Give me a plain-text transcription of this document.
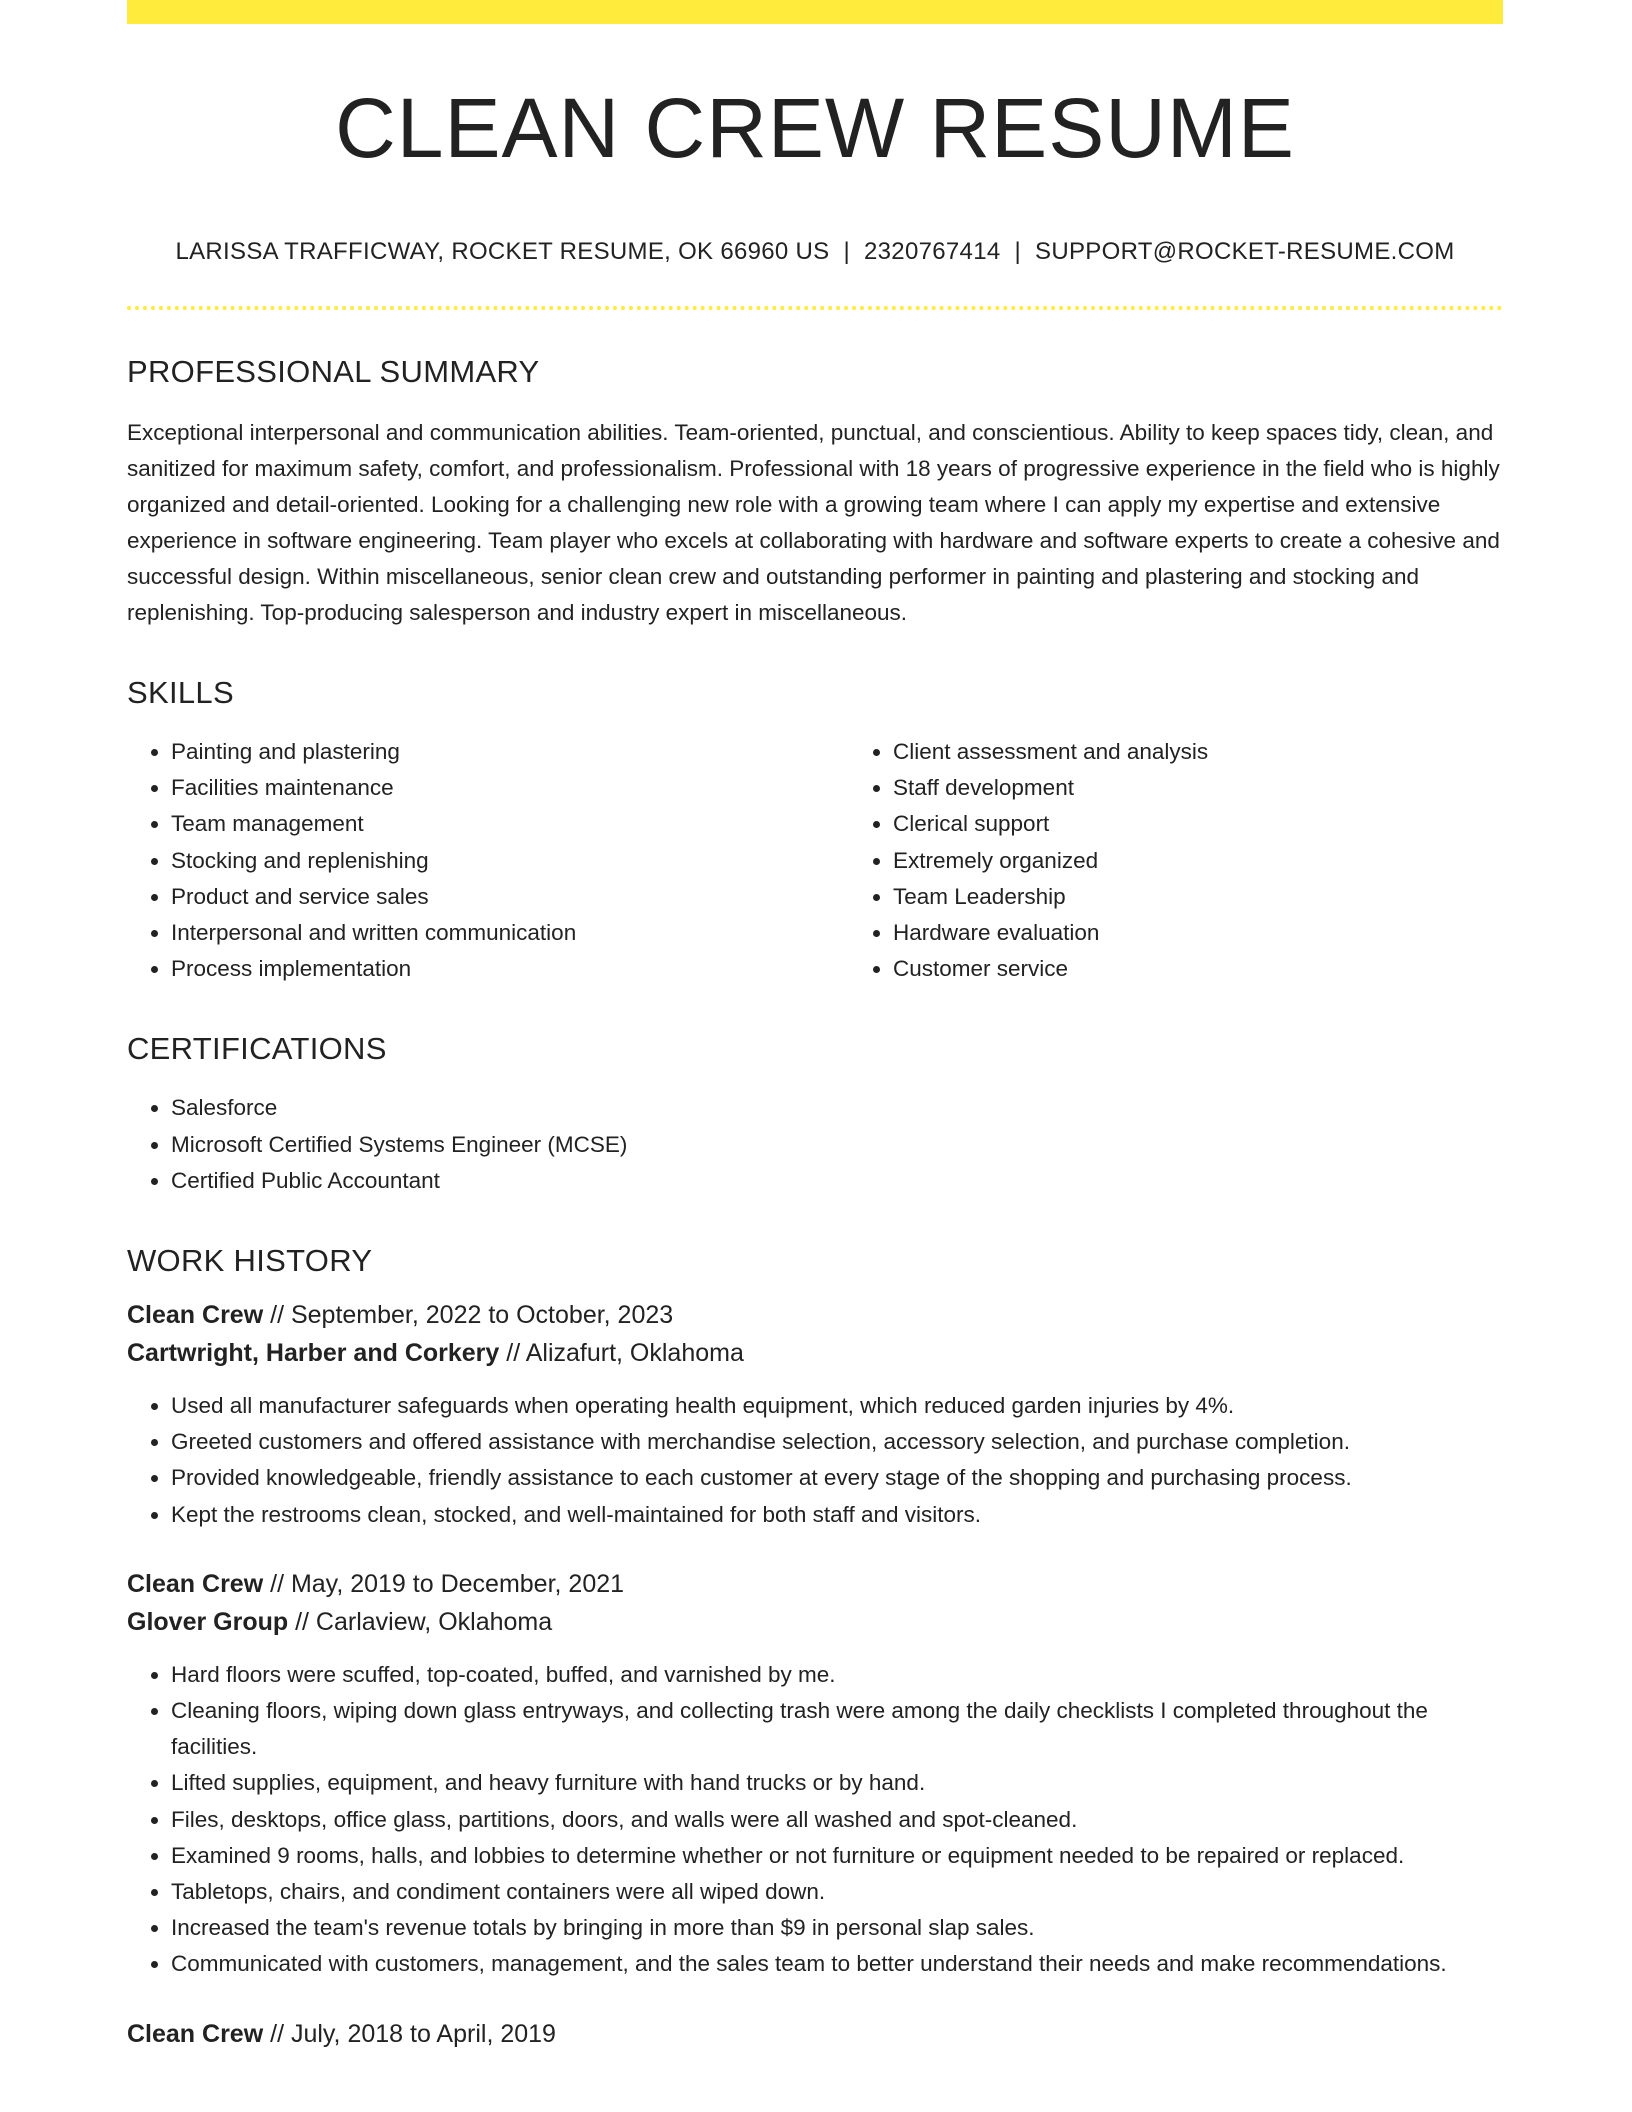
CLEAN CREW RESUME
LARISSA TRAFFICWAY, ROCKET RESUME, OK 66960 US | 2320767414 | SUPPORT@ROCKET-RESUME.COM
PROFESSIONAL SUMMARY
Exceptional interpersonal and communication abilities. Team-oriented, punctual, and conscientious. Ability to keep spaces tidy, clean, and sanitized for maximum safety, comfort, and professionalism. Professional with 18 years of progressive experience in the field who is highly organized and detail-oriented. Looking for a challenging new role with a growing team where I can apply my expertise and extensive experience in software engineering. Team player who excels at collaborating with hardware and software experts to create a cohesive and successful design. Within miscellaneous, senior clean crew and outstanding performer in painting and plastering and stocking and replenishing. Top-producing salesperson and industry expert in miscellaneous.
SKILLS
• Painting and plastering
• Facilities maintenance
• Team management
• Stocking and replenishing
• Product and service sales
• Interpersonal and written communication
• Process implementation
• Client assessment and analysis
• Staff development
• Clerical support
• Extremely organized
• Team Leadership
• Hardware evaluation
• Customer service
CERTIFICATIONS
• Salesforce
• Microsoft Certified Systems Engineer (MCSE)
• Certified Public Accountant
WORK HISTORY
Clean Crew // September, 2022 to October, 2023
Cartwright, Harber and Corkery // Alizafurt, Oklahoma
• Used all manufacturer safeguards when operating health equipment, which reduced garden injuries by 4%.
• Greeted customers and offered assistance with merchandise selection, accessory selection, and purchase completion.
• Provided knowledgeable, friendly assistance to each customer at every stage of the shopping and purchasing process.
• Kept the restrooms clean, stocked, and well-maintained for both staff and visitors.
Clean Crew // May, 2019 to December, 2021
Glover Group // Carlaview, Oklahoma
• Hard floors were scuffed, top-coated, buffed, and varnished by me.
• Cleaning floors, wiping down glass entryways, and collecting trash were among the daily checklists I completed throughout the facilities.
• Lifted supplies, equipment, and heavy furniture with hand trucks or by hand.
• Files, desktops, office glass, partitions, doors, and walls were all washed and spot-cleaned.
• Examined 9 rooms, halls, and lobbies to determine whether or not furniture or equipment needed to be repaired or replaced.
• Tabletops, chairs, and condiment containers were all wiped down.
• Increased the team's revenue totals by bringing in more than $9 in personal slap sales.
• Communicated with customers, management, and the sales team to better understand their needs and make recommendations.
Clean Crew // July, 2018 to April, 2019
